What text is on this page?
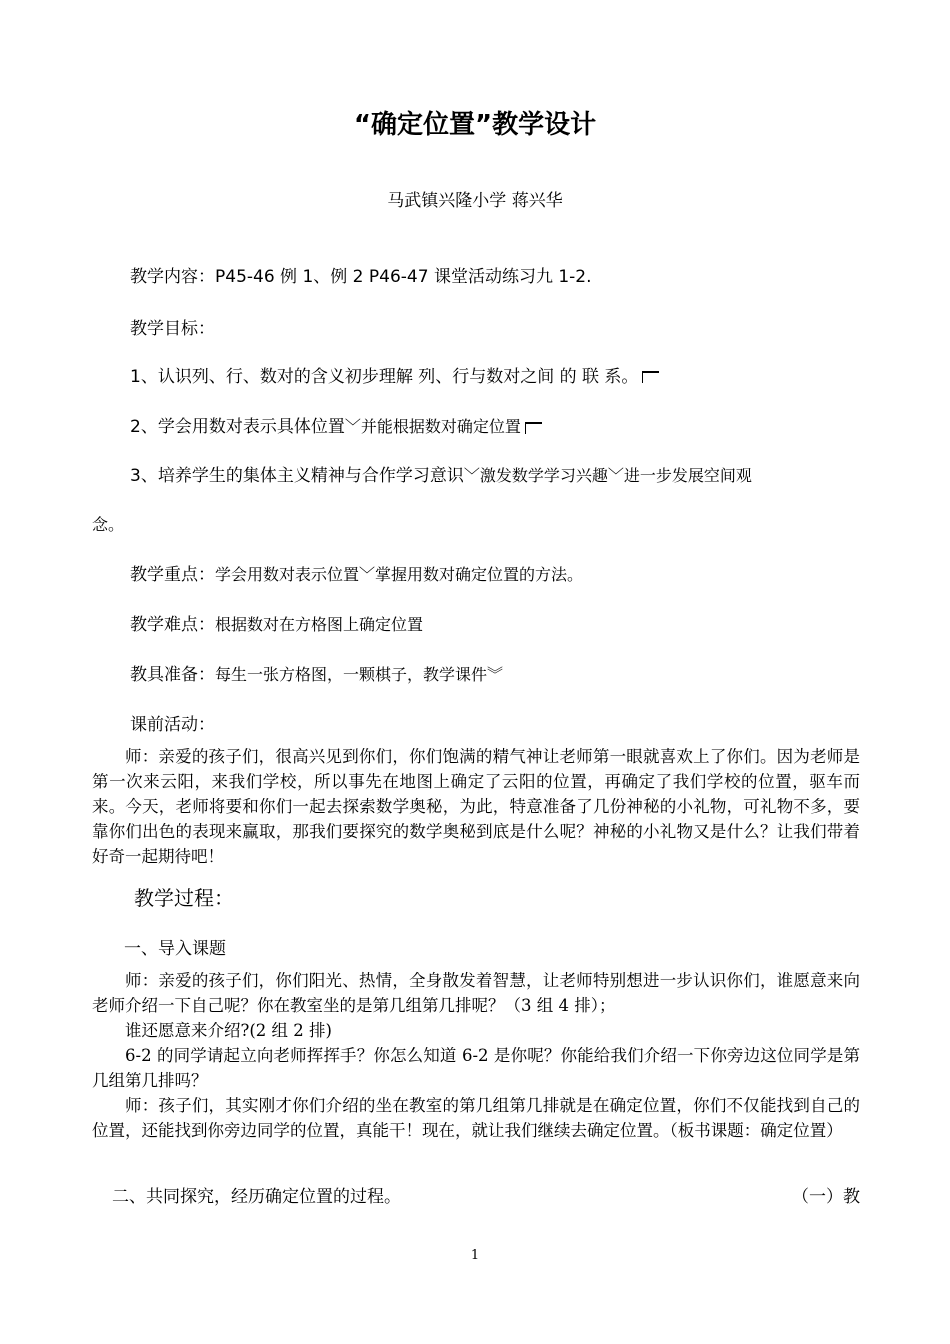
“确定位置”教学设计
马武镇兴隆小学 蒋兴华
教学内容：P45-46 例 1、例 2 P46-47 课堂活动练习九 1-2.
教学目标：
1、认识列、行、数对的含义初步理解 列、行与数对之间 的 联 系。
2、学会用数对表示具体位置﹀并能根据数对确定位置
3、培养学生的集体主义精神与合作学习意识﹀激发数学学习兴趣﹀进一步发展空间观
念。
教学重点：学会用数对表示位置﹀掌握用数对确定位置的方法。
教学难点：根据数对在方格图上确定位置
教具准备：每生一张方格图，一颗棋子，教学课件︾
课前活动：
师：亲爱的孩子们，很高兴见到你们，你们饱满的精气神让老师第一眼就喜欢上了你们。因为老师是第一次来云阳，来我们学校，所以事先在地图上确定了云阳的位置，再确定了我们学校的位置，驱车而来。今天，老师将要和你们一起去探索数学奥秘，为此，特意准备了几份神秘的小礼物，可礼物不多，要靠你们出色的表现来赢取，那我们要探究的数学奥秘到底是什么呢？神秘的小礼物又是什么？让我们带着好奇一起期待吧！
教学过程：
一、导入课题
师：亲爱的孩子们，你们阳光、热情，全身散发着智慧，让老师特别想进一步认识你们，谁愿意来向老师介绍一下自己呢？你在教室坐的是第几组第几排呢？（3 组 4 排）；
谁还愿意来介绍?(2 组 2 排)
6-2 的同学请起立向老师挥挥手？你怎么知道 6-2 是你呢？你能给我们介绍一下你旁边这位同学是第几组第几排吗？
师：孩子们，其实刚才你们介绍的坐在教室的第几组第几排就是在确定位置，你们不仅能找到自己的位置，还能找到你旁边同学的位置，真能干！现在，就让我们继续去确定位置。（板书课题：确定位置）
二、共同探究，经历确定位置的过程。	（一）教
1
